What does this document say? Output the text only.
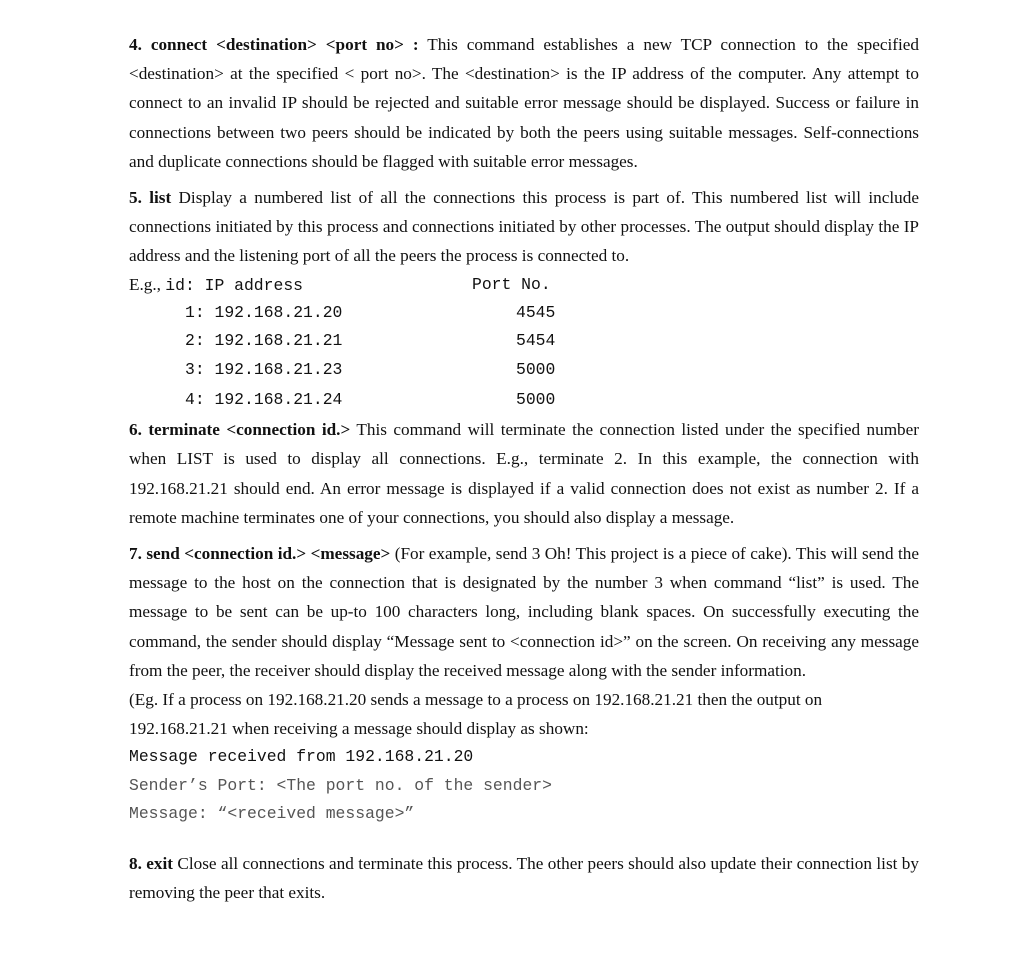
4. connect <destination> <port no> : This command establishes a new TCP connection to the specified <destination> at the specified < port no>. The <destination> is the IP address of the computer. Any attempt to connect to an invalid IP should be rejected and suitable error message should be displayed. Success or failure in connections between two peers should be indicated by both the peers using suitable messages. Self-connections and duplicate connections should be flagged with suitable error messages.

5. list Display a numbered list of all the connections this process is part of. This numbered list will include connections initiated by this process and connections initiated by other processes. The output should display the IP address and the listening port of all the peers the process is connected to.

E.g., id: IP address	Port No.
1: 192.168.21.20	4545
2: 192.168.21.21	5454
3: 192.168.21.23	5000
4: 192.168.21.24	5000

6. terminate <connection id.> This command will terminate the connection listed under the specified number when LIST is used to display all connections. E.g., terminate 2. In this example, the connection with 192.168.21.21 should end. An error message is displayed if a valid connection does not exist as number 2. If a remote machine terminates one of your connections, you should also display a message.

7. send <connection id.> <message> (For example, send 3 Oh! This project is a piece of cake). This will send the message to the host on the connection that is designated by the number 3 when command “list” is used. The message to be sent can be up-to 100 characters long, including blank spaces. On successfully executing the command, the sender should display “Message sent to <connection id>” on the screen. On receiving any message from the peer, the receiver should display the received message along with the sender information.

(Eg. If a process on 192.168.21.20 sends a message to a process on 192.168.21.21 then the output on 192.168.21.21 when receiving a message should display as shown:

Message received from 192.168.21.20
Sender’s Port: <The port no. of the sender>
Message: “<received message>”

8. exit Close all connections and terminate this process. The other peers should also update their connection list by removing the peer that exits.
